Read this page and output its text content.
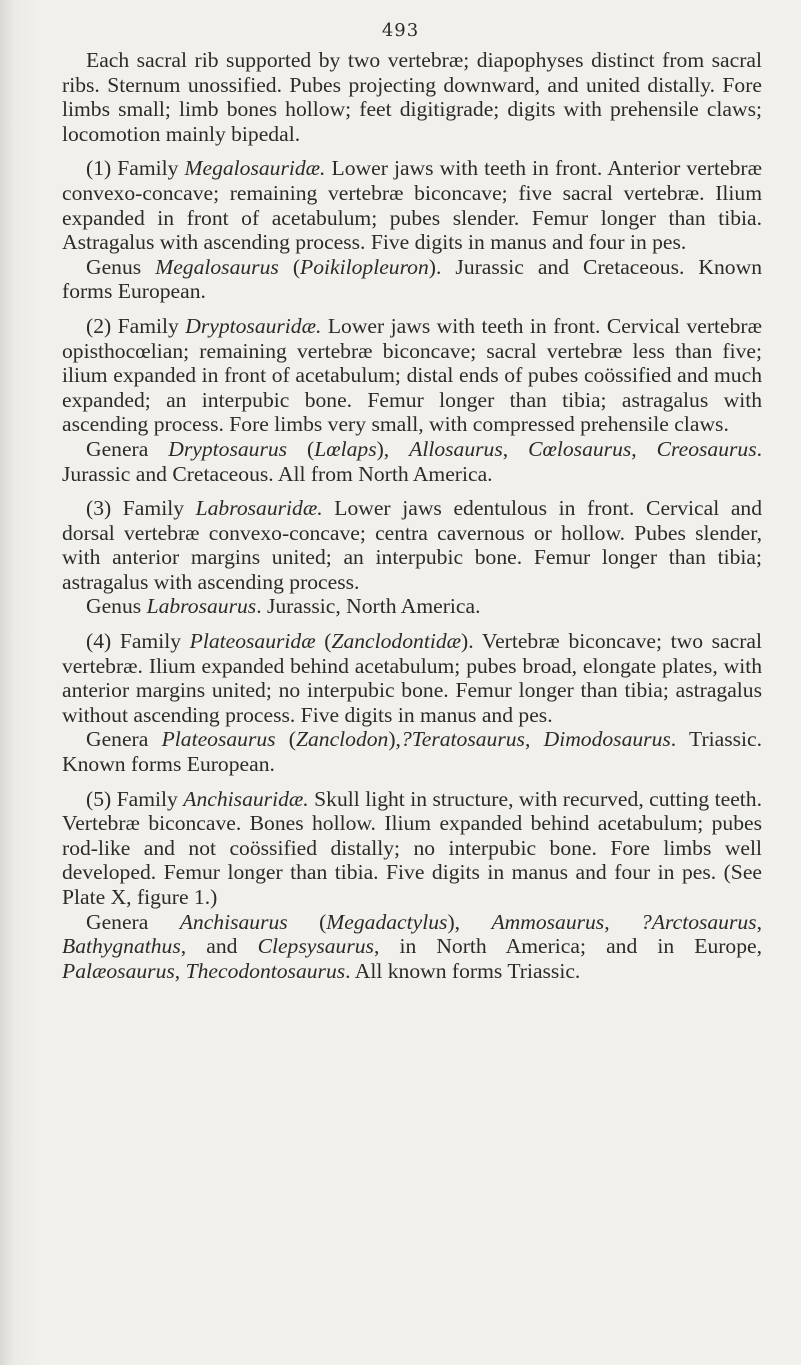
493

Each sacral rib supported by two vertebræ; diapophyses distinct from sacral ribs. Sternum unossified. Pubes projecting downward, and united distally. Fore limbs small; limb bones hollow; feet digitigrade; digits with prehensile claws; locomotion mainly bipedal.

(1) Family Megalosauridæ. Lower jaws with teeth in front. Anterior vertebræ convexo-concave; remaining vertebræ biconcave; five sacral vertebræ. Ilium expanded in front of acetabulum; pubes slender. Femur longer than tibia. Astragalus with ascending process. Five digits in manus and four in pes.

Genus Megalosaurus (Poikilopleuron). Jurassic and Cretaceous. Known forms European.

(2) Family Dryptosauridæ. Lower jaws with teeth in front. Cervical vertebræ opisthocœlian; remaining vertebræ biconcave; sacral vertebræ less than five; ilium expanded in front of acetabulum; distal ends of pubes coössified and much expanded; an interpubic bone. Femur longer than tibia; astragalus with ascending process. Fore limbs very small, with compressed prehensile claws.

Genera Dryptosaurus (Lœlaps), Allosaurus, Cœlosaurus, Creosaurus. Jurassic and Cretaceous. All from North America.

(3) Family Labrosauridæ. Lower jaws edentulous in front. Cervical and dorsal vertebræ convexo-concave; centra cavernous or hollow. Pubes slender, with anterior margins united; an interpubic bone. Femur longer than tibia; astragalus with ascending process.

Genus Labrosaurus. Jurassic, North America.

(4) Family Plateosauridæ (Zanclodontidæ). Vertebræ biconcave; two sacral vertebræ. Ilium expanded behind acetabulum; pubes broad, elongate plates, with anterior margins united; no interpubic bone. Femur longer than tibia; astragalus without ascending process. Five digits in manus and pes.

Genera Plateosaurus (Zanclodon),?Teratosaurus, Dimodosaurus. Triassic. Known forms European.

(5) Family Anchisauridæ. Skull light in structure, with recurved, cutting teeth. Vertebræ biconcave. Bones hollow. Ilium expanded behind acetabulum; pubes rod-like and not coössified distally; no interpubic bone. Fore limbs well developed. Femur longer than tibia. Five digits in manus and four in pes. (See Plate X, figure 1.)

Genera Anchisaurus (Megadactylus), Ammosaurus, ?Arctosaurus, Bathygnathus, and Clepsysaurus, in North America; and in Europe, Palæosaurus, Thecodontosaurus. All known forms Triassic.
